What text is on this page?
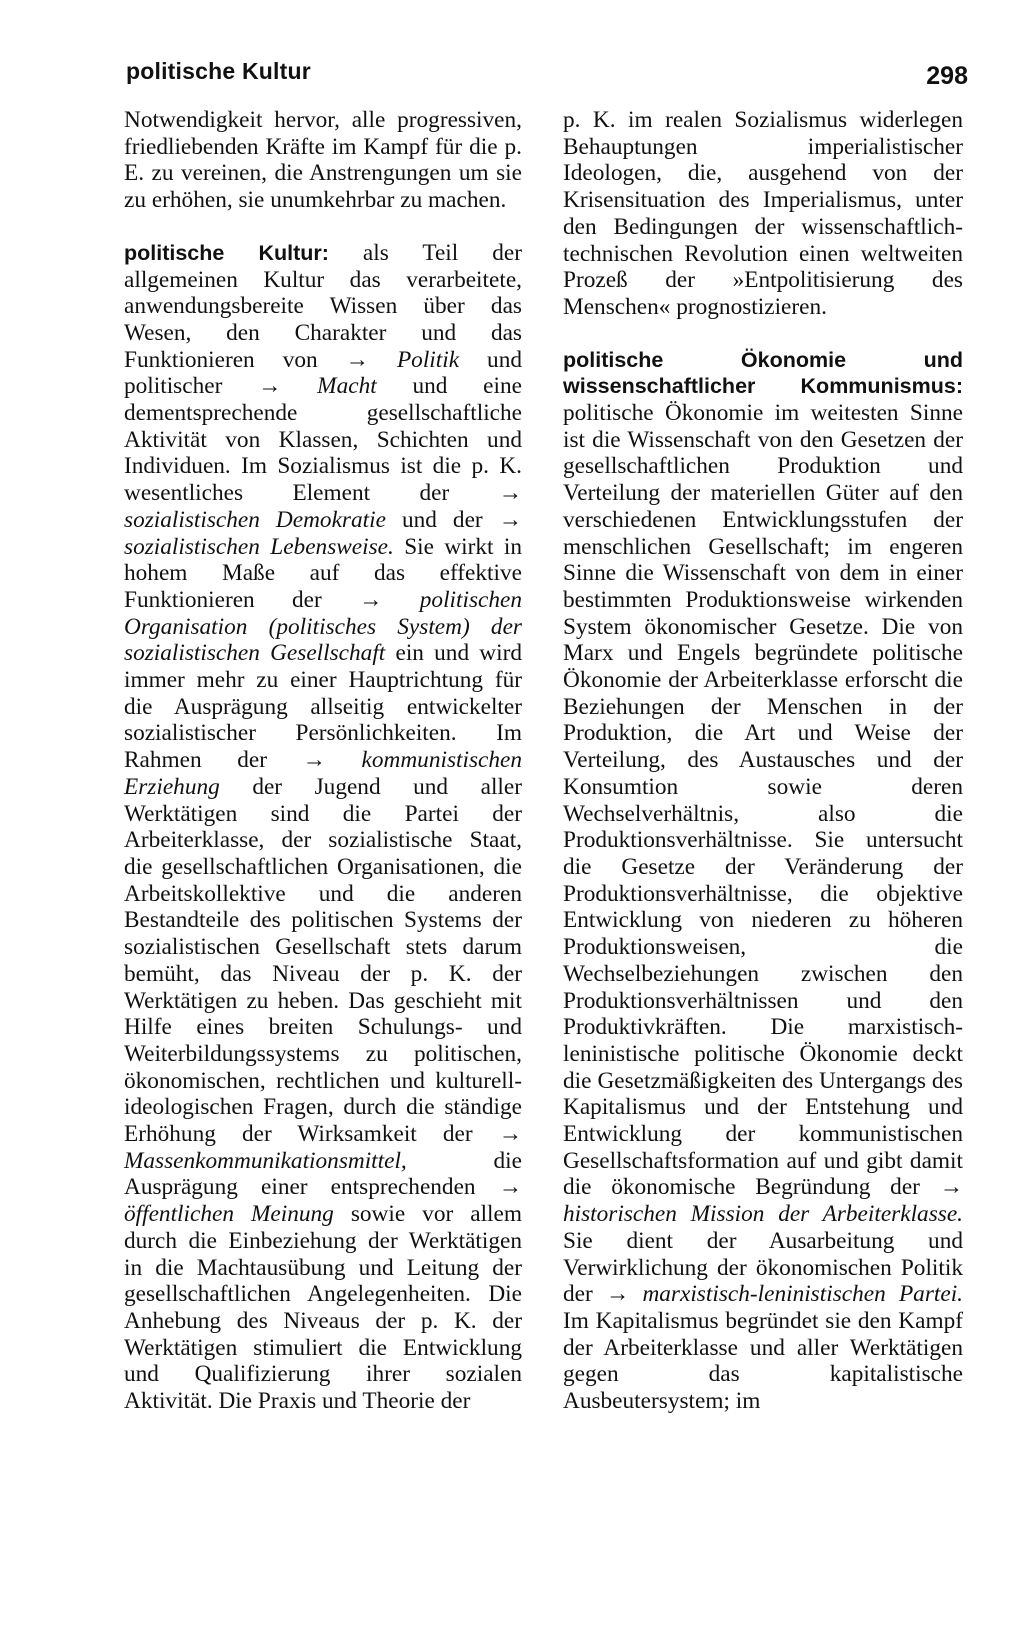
politische Kultur	298

Notwendigkeit hervor, alle progressiven, friedliebenden Kräfte im Kampf für die p. E. zu vereinen, die Anstrengungen um sie zu erhöhen, sie unumkehrbar zu machen.

politische Kultur: als Teil der allgemeinen Kultur das verarbeitete, anwendungsbereite Wissen über das Wesen, den Charakter und das Funktionieren von → Politik und politischer → Macht und eine dementsprechende gesellschaftliche Aktivität von Klassen, Schichten und Individuen. Im Sozialismus ist die p. K. wesentliches Element der → sozialistischen Demokratie und der → sozialistischen Lebensweise. Sie wirkt in hohem Maße auf das effektive Funktionieren der → politischen Organisation (politisches System) der sozialistischen Gesellschaft ein und wird immer mehr zu einer Hauptrichtung für die Ausprägung allseitig entwickelter sozialistischer Persönlichkeiten. Im Rahmen der → kommunistischen Erziehung der Jugend und aller Werktätigen sind die Partei der Arbeiterklasse, der sozialistische Staat, die gesellschaftlichen Organisationen, die Arbeitskollektive und die anderen Bestandteile des politischen Systems der sozialistischen Gesellschaft stets darum bemüht, das Niveau der p. K. der Werktätigen zu heben. Das geschieht mit Hilfe eines breiten Schulungs- und Weiterbildungssystems zu politischen, ökonomischen, rechtlichen und kulturell-ideologischen Fragen, durch die ständige Erhöhung der Wirksamkeit der → Massenkommunikationsmittel, die Ausprägung einer entsprechenden → öffentlichen Meinung sowie vor allem durch die Einbeziehung der Werktätigen in die Machtausübung und Leitung der gesellschaftlichen Angelegenheiten. Die Anhebung des Niveaus der p. K. der Werktätigen stimuliert die Entwicklung und Qualifizierung ihrer sozialen Aktivität. Die Praxis und Theorie der

p. K. im realen Sozialismus widerlegen Behauptungen imperialistischer Ideologen, die, ausgehend von der Krisensituation des Imperialismus, unter den Bedingungen der wissenschaftlich-technischen Revolution einen weltweiten Prozeß der »Entpolitisierung des Menschen« prognostizieren.

politische Ökonomie und wissenschaftlicher Kommunismus: politische Ökonomie im weitesten Sinne ist die Wissenschaft von den Gesetzen der gesellschaftlichen Produktion und Verteilung der materiellen Güter auf den verschiedenen Entwicklungsstufen der menschlichen Gesellschaft; im engeren Sinne die Wissenschaft von dem in einer bestimmten Produktionsweise wirkenden System ökonomischer Gesetze. Die von Marx und Engels begründete politische Ökonomie der Arbeiterklasse erforscht die Beziehungen der Menschen in der Produktion, die Art und Weise der Verteilung, des Austausches und der Konsumtion sowie deren Wechselverhältnis, also die Produktionsverhältnisse. Sie untersucht die Gesetze der Veränderung der Produktionsverhältnisse, die objektive Entwicklung von niederen zu höheren Produktionsweisen, die Wechselbeziehungen zwischen den Produktionsverhältnissen und den Produktivkräften. Die marxistisch-leninistische politische Ökonomie deckt die Gesetzmäßigkeiten des Untergangs des Kapitalismus und der Entstehung und Entwicklung der kommunistischen Gesellschaftsformation auf und gibt damit die ökonomische Begründung der → historischen Mission der Arbeiterklasse. Sie dient der Ausarbeitung und Verwirklichung der ökonomischen Politik der → marxistisch-leninistischen Partei. Im Kapitalismus begründet sie den Kampf der Arbeiterklasse und aller Werktätigen gegen das kapitalistische Ausbeutersystem; im
